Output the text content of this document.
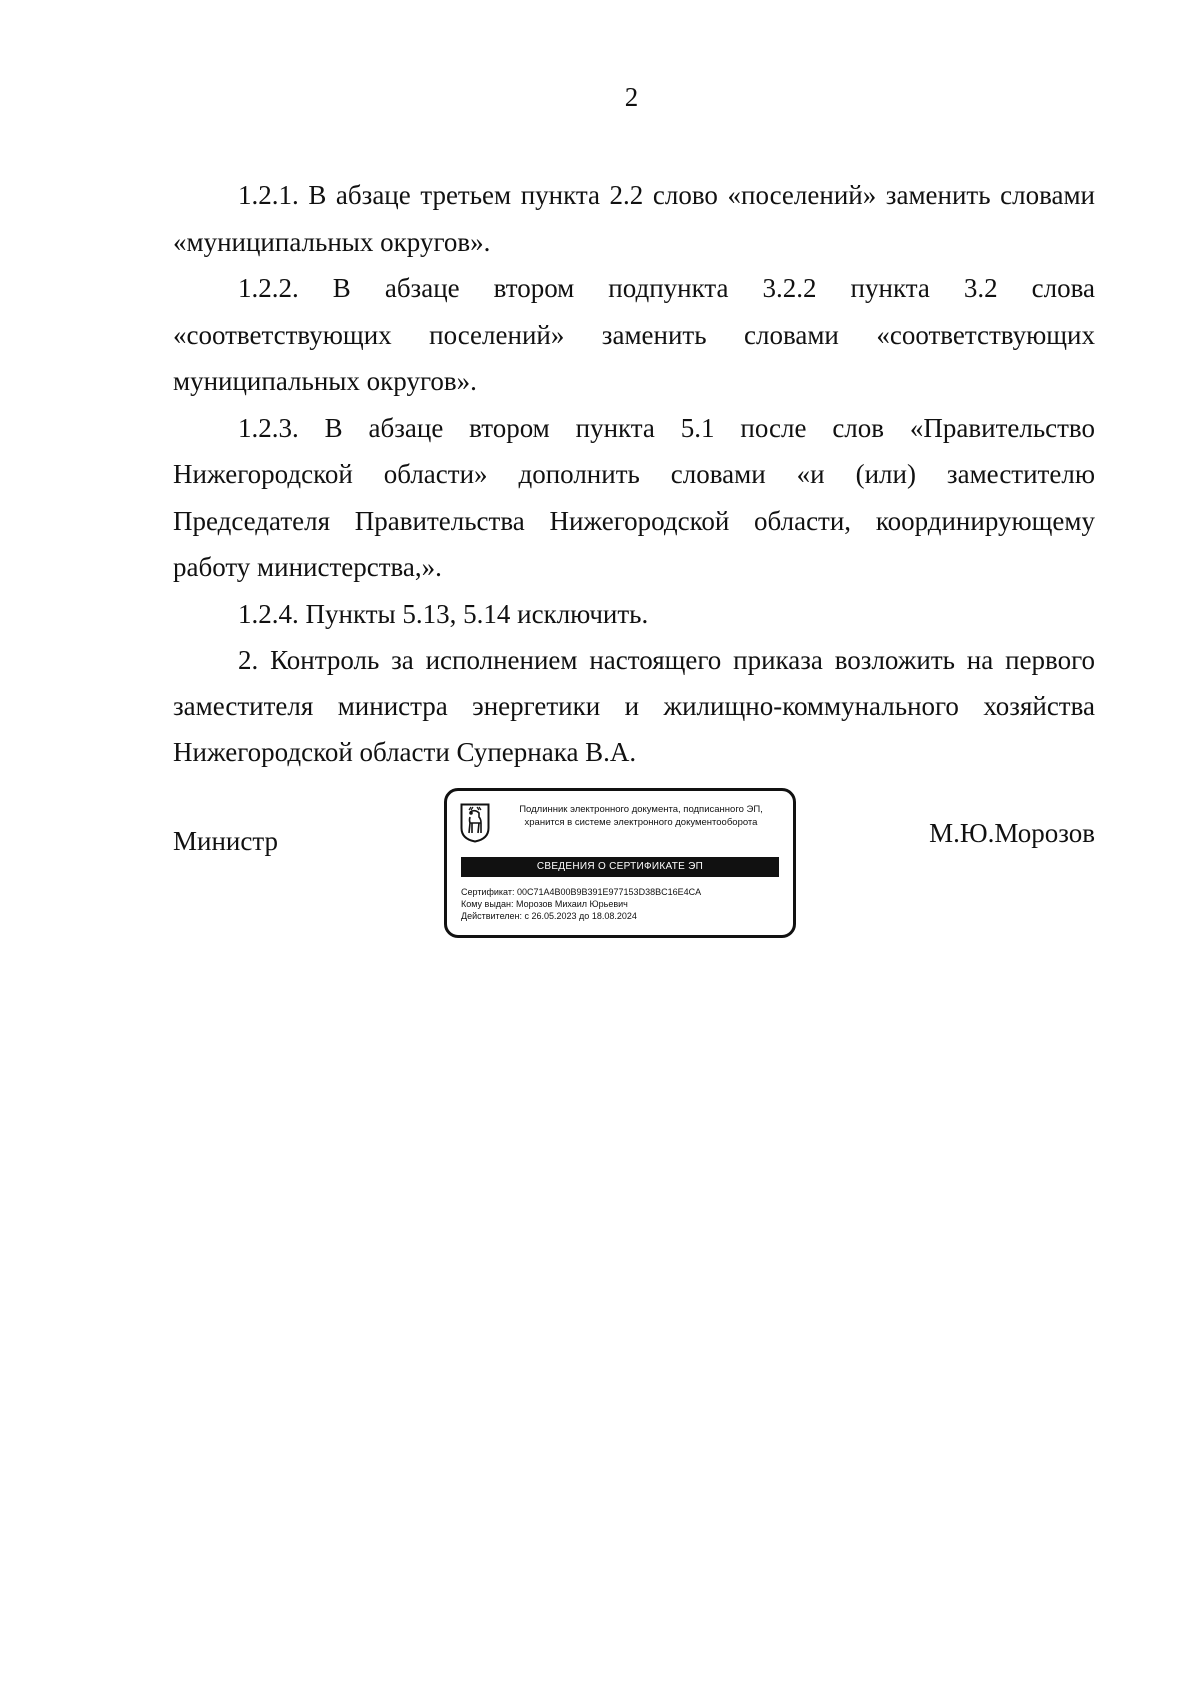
2

1.2.1. В абзаце третьем пункта 2.2 слово «поселений» заменить словами «муниципальных округов».

1.2.2. В абзаце втором подпункта 3.2.2 пункта 3.2 слова «соответствующих поселений» заменить словами «соответствующих муниципальных округов».

1.2.3. В абзаце втором пункта 5.1 после слов «Правительство Нижегородской области» дополнить словами «и (или) заместителю Председателя Правительства Нижегородской области, координирующему работу министерства,».

1.2.4. Пункты 5.13, 5.14 исключить.

2. Контроль за исполнением настоящего приказа возложить на первого заместителя министра энергетики и жилищно-коммунального хозяйства Нижегородской области Супернака В.А.

Министр
Подлинник электронного документа, подписанного ЭП,
хранится в системе электронного документооборота
СВЕДЕНИЯ О СЕРТИФИКАТЕ ЭП
Сертификат: 00C71A4B00B9B391E977153D38BC16E4CA
Кому выдан: Морозов Михаил Юрьевич
Действителен: с 26.05.2023 до 18.08.2024
М.Ю.Морозов
